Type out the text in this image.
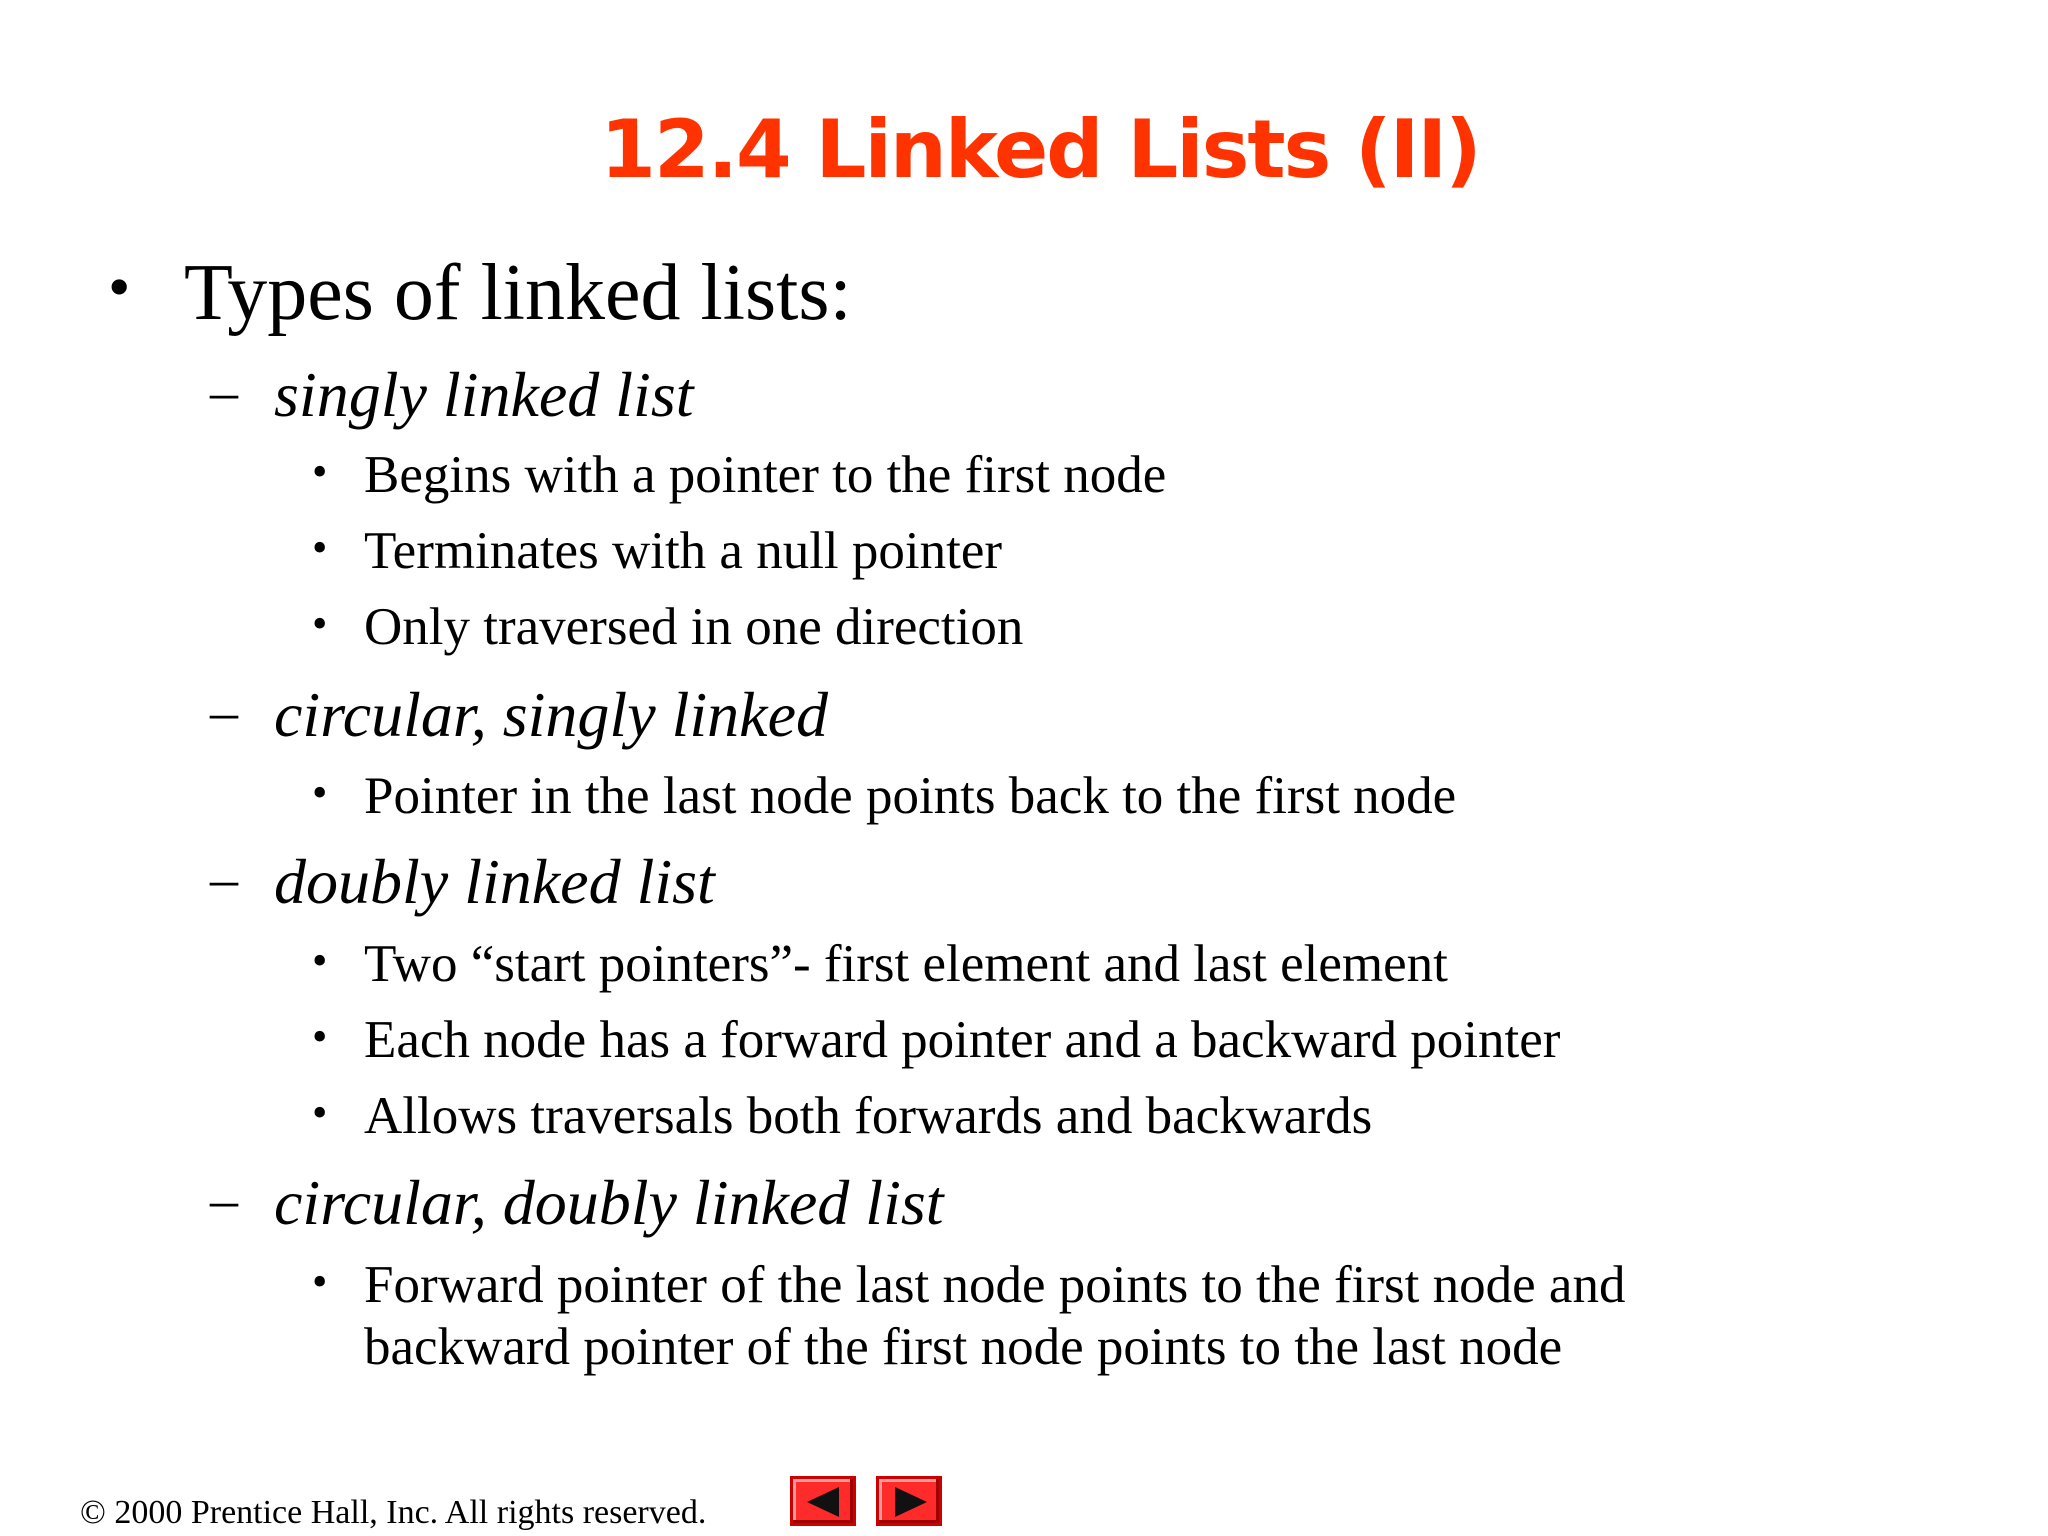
12.4 Linked Lists (II)
• Types of linked lists:
– singly linked list
• Begins with a pointer to the first node
• Terminates with a null pointer
• Only traversed in one direction
– circular, singly linked
• Pointer in the last node points back to the first node
– doubly linked list
• Two “start pointers”- first element and last element
• Each node has a forward pointer and a backward pointer
• Allows traversals both forwards and backwards
– circular, doubly linked list
• Forward pointer of the last node points to the first node and
backward pointer of the first node points to the last node
© 2000 Prentice Hall, Inc. All rights reserved.
